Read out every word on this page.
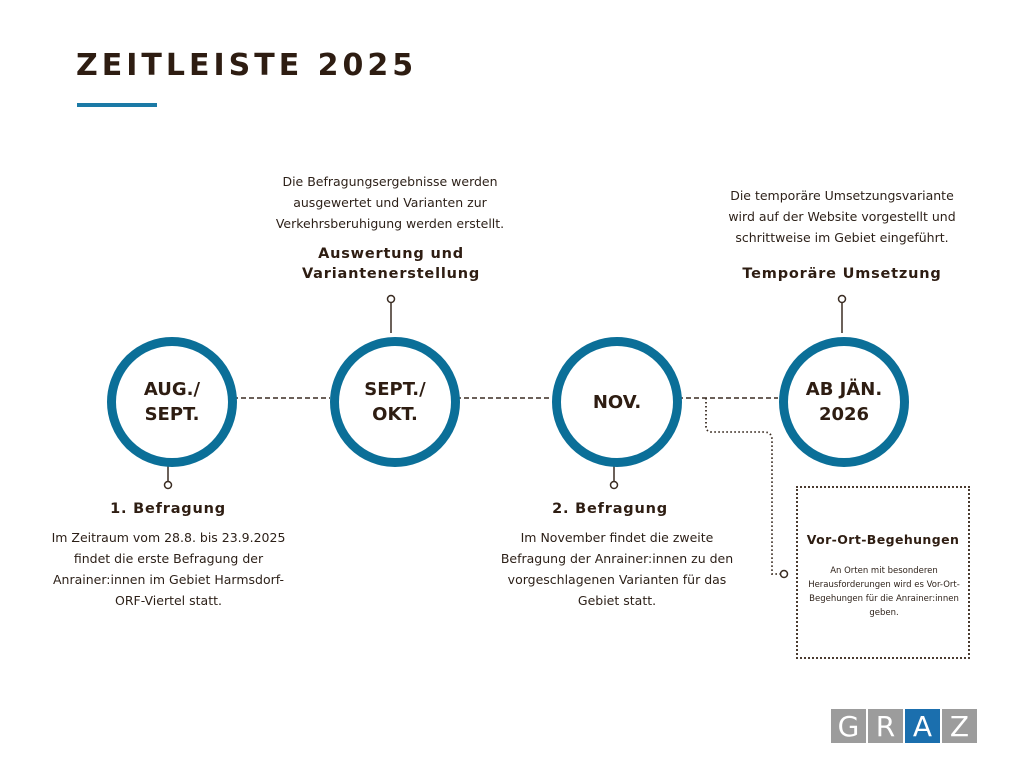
ZEITLEISTE 2025
AUG./
SEPT.
SEPT./
OKT.
NOV.
AB JÄN.
2026
1. Befragung
Im Zeitraum vom 28.8. bis 23.9.2025 findet die erste Befragung der Anrainer:innen im Gebiet Harmsdorf-ORF-Viertel statt.
Die Befragungsergebnisse werden ausgewertet und Varianten zur Verkehrsberuhigung werden erstellt.
Auswertung und
Variantenerstellung
2. Befragung
Im November findet die zweite Befragung der Anrainer:innen zu den vorgeschlagenen Varianten für das Gebiet statt.
Die temporäre Umsetzungsvariante wird auf der Website vorgestellt und schrittweise im Gebiet eingeführt.
Temporäre Umsetzung
Vor-Ort-Begehungen
An Orten mit besonderen Herausforderungen wird es Vor-Ort-Begehungen für die Anrainer:innen geben.
G R A Z
